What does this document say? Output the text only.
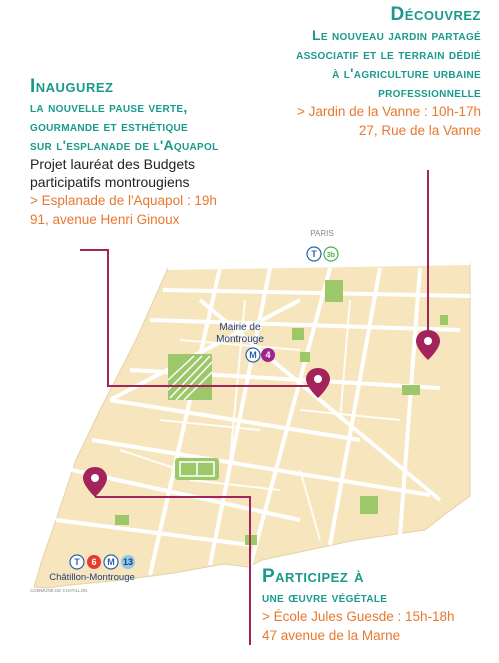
T 3b
PARIS
Mairie de
Montrouge
M 4
T 6 M 13
Châtillon-Montrouge
COMMUNE DE CHATILLON
Découvrez
Le nouveau jardin partagé
associatif et le terrain dédié
à l'agriculture urbaine
professionnelle
> Jardin de la Vanne : 10h-17h
27, Rue de la Vanne
Inaugurez
la nouvelle pause verte,
gourmande et esthétique
sur l'esplanade de l'Aquapol
Projet lauréat des Budgets
participatifs montrougiens
> Esplanade de l'Aquapol : 19h
91, avenue Henri Ginoux
Participez à
une œuvre végétale
> École Jules Guesde : 15h-18h
47 avenue de la Marne
